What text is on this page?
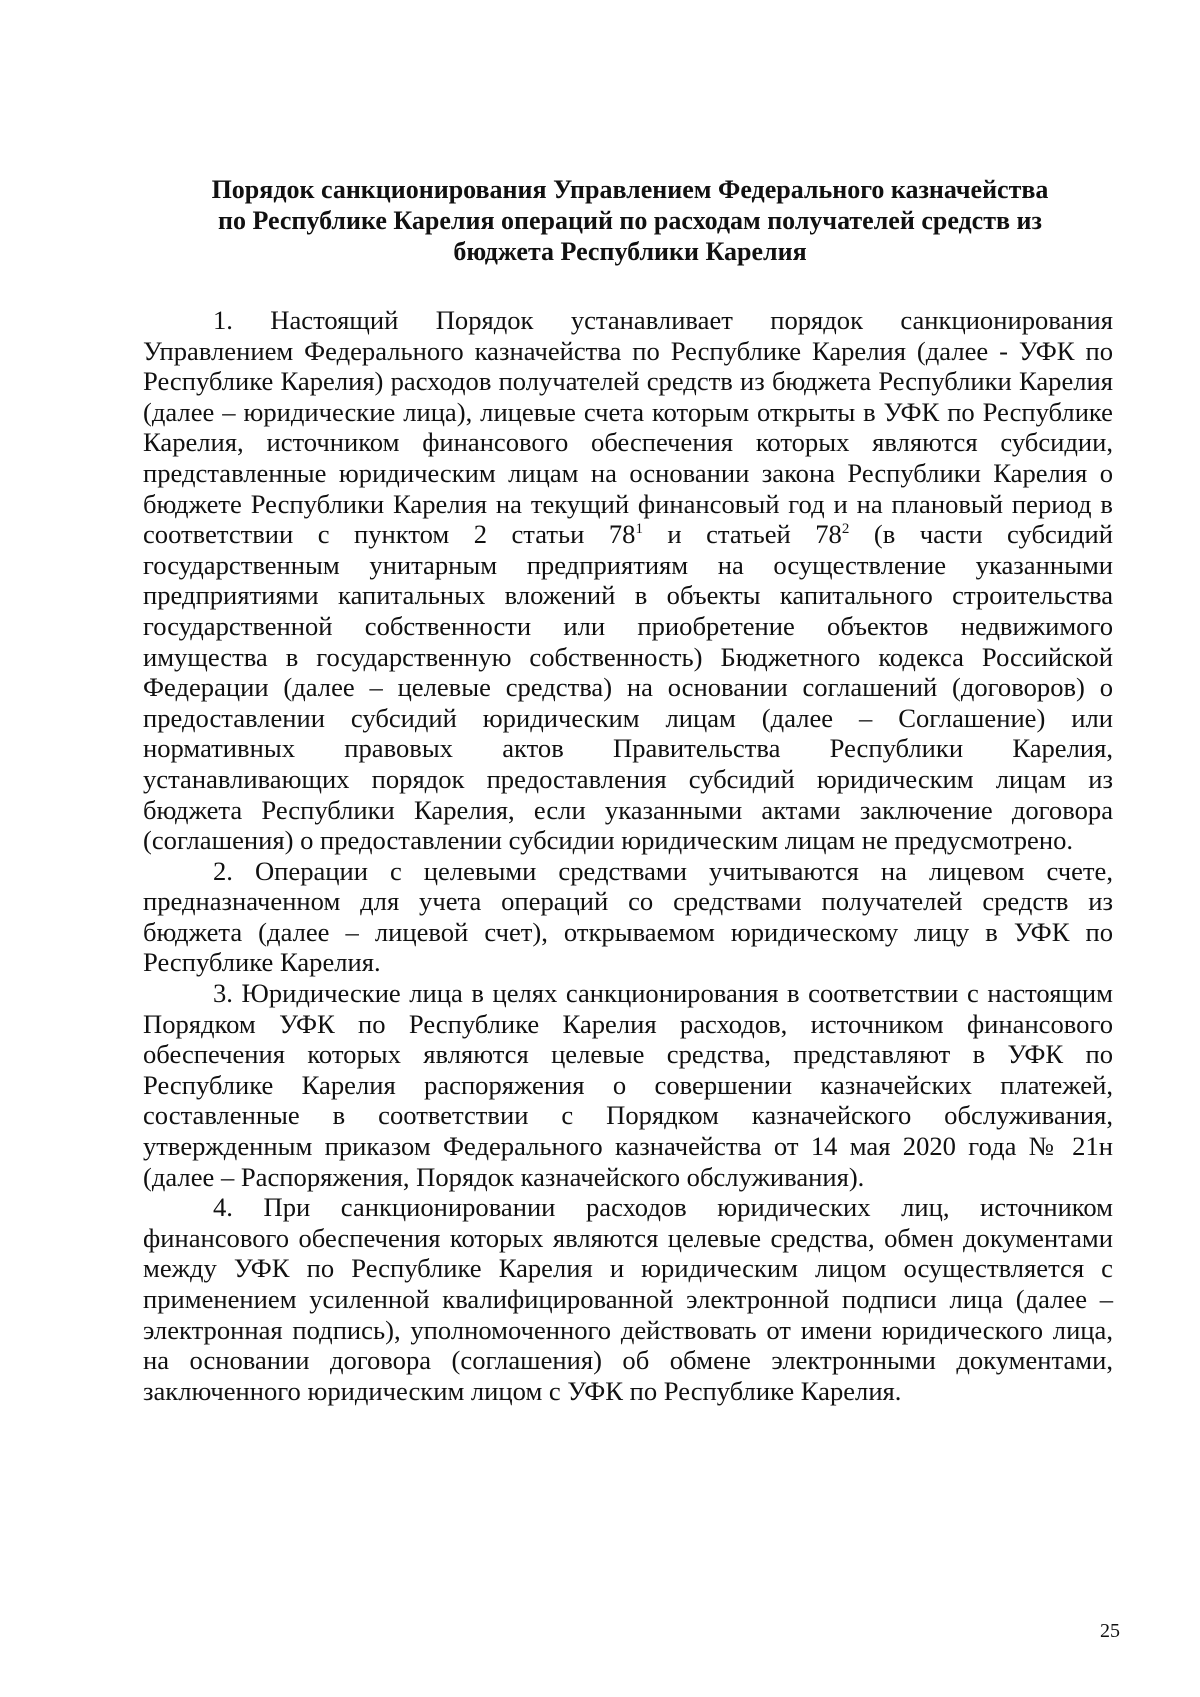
Порядок санкционирования Управлением Федерального казначейства
по Республике Карелия операций по расходам получателей средств из
бюджета Республики Карелия

1. Настоящий Порядок устанавливает порядок санкционирования Управлением Федерального казначейства по Республике Карелия (далее - УФК по Республике Карелия) расходов получателей средств из бюджета Республики Карелия (далее – юридические лица), лицевые счета которым открыты в УФК по Республике Карелия, источником финансового обеспечения которых являются субсидии, представленные юридическим лицам на основании закона Республики Карелия о бюджете Республики Карелия на текущий финансовый год и на плановый период в соответствии с пунктом 2 статьи $78^1$ и статьей $78^2$ (в части субсидий государственным унитарным предприятиям на осуществление указанными предприятиями капитальных вложений в объекты капитального строительства государственной собственности или приобретение объектов недвижимого имущества в государственную собственность) Бюджетного кодекса Российской Федерации (далее – целевые средства) на основании соглашений (договоров) о предоставлении субсидий юридическим лицам (далее – Соглашение) или нормативных правовых актов Правительства Республики Карелия, устанавливающих порядок предоставления субсидий юридическим лицам из бюджета Республики Карелия, если указанными актами заключение договора (соглашения) о предоставлении субсидии юридическим лицам не предусмотрено.

2. Операции с целевыми средствами учитываются на лицевом счете, предназначенном для учета операций со средствами получателей средств из бюджета (далее – лицевой счет), открываемом юридическому лицу в УФК по Республике Карелия.

3. Юридические лица в целях санкционирования в соответствии с настоящим Порядком УФК по Республике Карелия расходов, источником финансового обеспечения которых являются целевые средства, представляют в УФК по Республике Карелия распоряжения о совершении казначейских платежей, составленные в соответствии с Порядком казначейского обслуживания, утвержденным приказом Федерального казначейства от 14 мая 2020 года № 21н (далее – Распоряжения, Порядок казначейского обслуживания).

4. При санкционировании расходов юридических лиц, источником финансового обеспечения которых являются целевые средства, обмен документами между УФК по Республике Карелия и юридическим лицом осуществляется с применением усиленной квалифицированной электронной подписи лица (далее – электронная подпись), уполномоченного действовать от имени юридического лица, на основании договора (соглашения) об обмене электронными документами, заключенного юридическим лицом с УФК по Республике Карелия.

25
